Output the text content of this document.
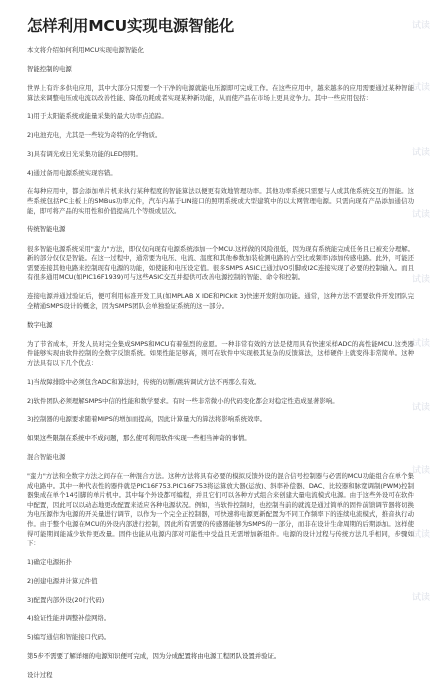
怎样利用MCU实现电源智能化

本文将介绍如何利用MCU实现电源智能化

智能控制的电源

世界上有许多供电应用，其中大部分只需要一个干净的电源就能电压源即可完成工作。在这些应用中，越来越多的应用需要通过某种智能算法来调整电压或电流以改善性能、降低功耗或者实现某种新功能，从而使产品在市场上更具竞争力。其中一些应用包括：

1)用于太阳能系统或能量采集的最大功率点追踪。

2)电池充电，尤其是一些较为奇特的化学物质。

3)具有调光或日光采集功能的LED照明。

4)通过备用电源系统实现容错。

在每种应用中，都会添加单片机来执行某种程度的智能算法以便更有效地管理功率。其他功率系统只需要与人或其他系统交互的智能。这些系统包括PC主板上的SMBus功率元件，汽车内基于LIN接口的照明系统或大型建筑中的以太网管理电源。只需向现有产品添加通信功能，即可将产品的实用性和价值提高几个等级或层次。

传统智能电源

很多智能电源系统采用"蛮力"方法，即仅仅向现有电源系统添加一个MCU.这样做的风险很低，因为现有系统能完成任务且已被充分理解。新的部分仅仅是智能。在这一过程中，通常要为电压、电流、温度和其他参数加装检测电路的占空比或频率)添加传感电路。此外，可能还需要连接其他电路来控制现有电源的功能，如使能和电压设定值。很多SMPS ASIC已通过I/O引脚或I2C连接实现了必要的控制输入。而且有很多通用MCU(如PIC16F1939)可与这些ASIC交互并提供可改善电源控制的智能、命令和控制。

连接电源并通过验证后，便可利用标准开发工具(如MPLAB X IDE和PICkit 3)快速开发附加功能。通常，这种方法不需要软件开发团队完全精通SMPS设计的概念，因为SMPS团队会单独验证系统的这一部分。

数字电源

为了节省成本，开发人员对完全集成SMPS和MCU有着强烈的意愿。一种非常有效的方法是使用具有快速采样ADC的高性能MCU.这类器件能够实现由软件控制的全数字反馈系统。如果性能足够高，则可在软件中实现极其复杂的反馈算法，这样硬件上就变得非常简单。这种方法具有以下几个优点：

1)当故障排除中必须包含ADC和算法时，传统的切断/跳转调试方法不再那么有效。

2)软件团队必须理解SMPS中信的性能和数学要求。有时一些非常微小的代码变化都会对稳定性造成显著影响。

3)控制器的电源要求随着MIPS的增加而提高，因此计算量大的算法将影响系统效率。

如果这些限制在系统中不成问题，那么使可利用软件实现一些相当神奇的事情。

混合智能电源

"蛮力"方法和全数字方法之间存在一种混合方法。这种方法将具有必要的模拟反馈外设的混合信号控制器与必需的MCU功能组合在单个集成电路中。其中一种代表性的器件就是PIC16F753.PIC16F753将运算放大器(运放)、斜率补偿器、DAC、比较器和脉宽调制(PWM)控制器集成在单个14引脚的单片机中。其中每个外设都可编程，并且它们可以各种方式组合来创建大量电流模式电源。由于这些外设可在软件中配置，因此可以以动态地更改配置来适应各种电源状况。例如，当软件控制时，也控制当前的就流是通过简单的固件前馈调节器将切换为电压源作为电源的开关量进行调节，以作为一个完全正控制器，可快速将电源更新配置为不同工作频率下的连续电流模式，推音执行动作。由于整个电源在MCU的外设内部进行控制，因此所有需要的传感器能够为SMPS的一部分，而非在设计生命周期的后期添加。这样使得可能期间能减少软件更改量。固件也能从电源内部对可能性中受益且无需增加新组件。电源的设计过程与传统方法几乎相同，步骤如下：

1)确定电源拓扑

2)创建电源并计算元件值

3)配置内部外设(20行代码)

4)验证性能并调整补偿网络。

5)编写通信和智能接口代码。

第5步不需要了解详细的电源知识便可完成，因为分成配置将由电源工程团队设置并验证。

设计过程

试读
试读
试读
试读
试读
试读
试读
试读
试读
试读
